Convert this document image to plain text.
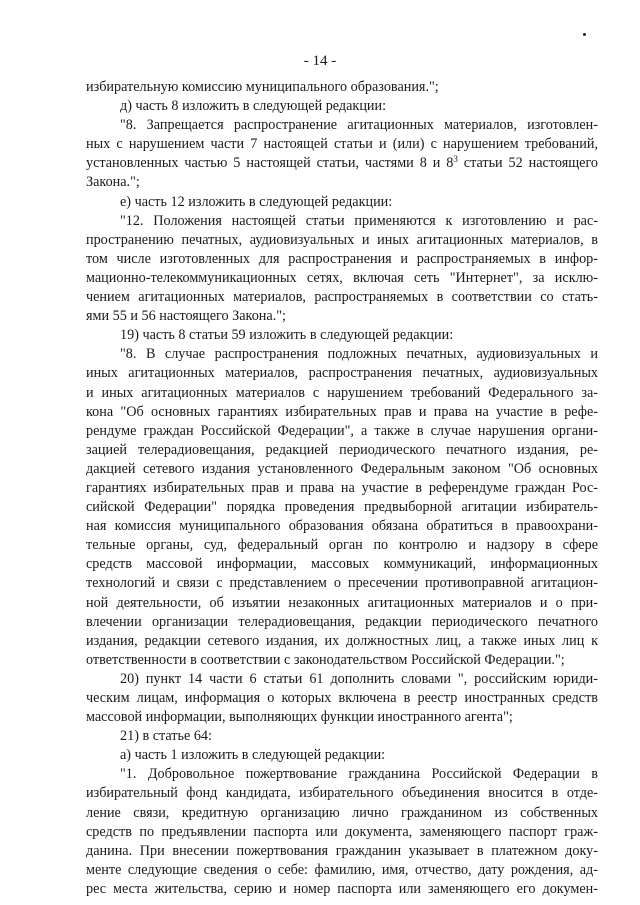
- 14 -
избирательную комиссию муниципального образования.";
д) часть 8 изложить в следующей редакции:
"8. Запрещается распространение агитационных материалов, изготовлен-
ных с нарушением части 7 настоящей статьи и (или) с нарушением требований,
установленных частью 5 настоящей статьи, частями 8 и $8^3$ статьи 52 настоящего
Закона.";
е) часть 12 изложить в следующей редакции:
"12. Положения настоящей статьи применяются к изготовлению и рас-
пространению печатных, аудиовизуальных и иных агитационных материалов, в
том числе изготовленных для распространения и распространяемых в инфор-
мационно-телекоммуникационных сетях, включая сеть "Интернет", за исклю-
чением агитационных материалов, распространяемых в соответствии со стать-
ями 55 и 56 настоящего Закона.";
19) часть 8 статьи 59 изложить в следующей редакции:
"8. В случае распространения подложных печатных, аудиовизуальных и
иных агитационных материалов, распространения печатных, аудиовизуальных
и иных агитационных материалов с нарушением требований Федерального за-
кона "Об основных гарантиях избирательных прав и права на участие в рефе-
рендуме граждан Российской Федерации", а также в случае нарушения органи-
зацией телерадиовещания, редакцией периодического печатного издания, ре-
дакцией сетевого издания установленного Федеральным законом "Об основных
гарантиях избирательных прав и права на участие в референдуме граждан Рос-
сийской Федерации" порядка проведения предвыборной агитации избиратель-
ная комиссия муниципального образования обязана обратиться в правоохрани-
тельные органы, суд, федеральный орган по контролю и надзору в сфере
средств массовой информации, массовых коммуникаций, информационных
технологий и связи с представлением о пресечении противоправной агитацион-
ной деятельности, об изъятии незаконных агитационных материалов и о при-
влечении организации телерадиовещания, редакции периодического печатного
издания, редакции сетевого издания, их должностных лиц, а также иных лиц к
ответственности в соответствии с законодательством Российской Федерации.";
20) пункт 14 части 6 статьи 61 дополнить словами ", российским юриди-
ческим лицам, информация о которых включена в реестр иностранных средств
массовой информации, выполняющих функции иностранного агента";
21) в статье 64:
а) часть 1 изложить в следующей редакции:
"1. Добровольное пожертвование гражданина Российской Федерации в
избирательный фонд кандидата, избирательного объединения вносится в отде-
ление связи, кредитную организацию лично гражданином из собственных
средств по предъявлении паспорта или документа, заменяющего паспорт граж-
данина. При внесении пожертвования гражданин указывает в платежном доку-
менте следующие сведения о себе: фамилию, имя, отчество, дату рождения, ад-
рес места жительства, серию и номер паспорта или заменяющего его докумен-
